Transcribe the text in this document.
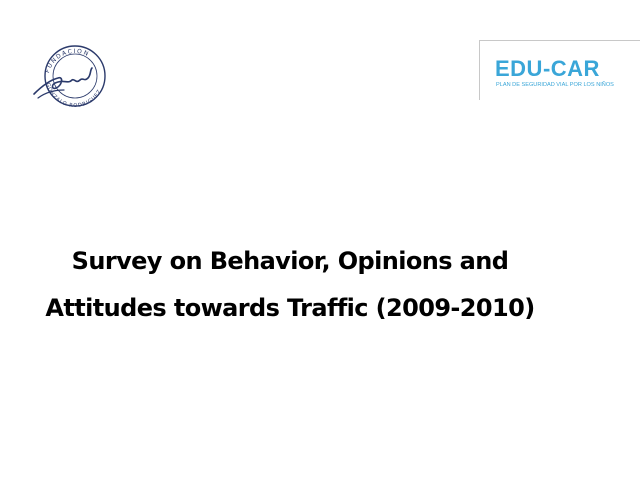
FUNDACION
GONZALO RODRIGUEZ
EDU-CAR
PLAN DE SEGURIDAD VIAL POR LOS NIÑOS
Survey on Behavior, Opinions and
Attitudes towards Traffic (2009-2010)
